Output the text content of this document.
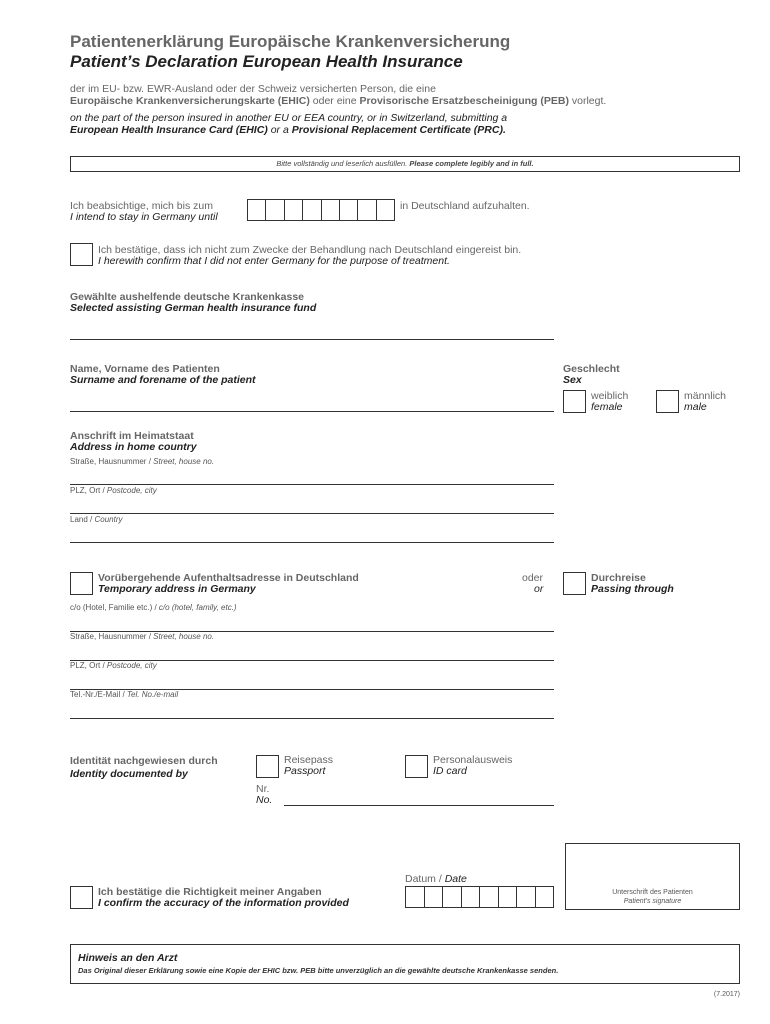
Patientenerklärung Europäische Krankenversicherung
Patient’s Declaration European Health Insurance
der im EU- bzw. EWR-Ausland oder der Schweiz versicherten Person, die eine
Europäische Krankenversicherungskarte (EHIC) oder eine Provisorische Ersatzbescheinigung (PEB) vorlegt.
on the part of the person insured in another EU or EEA country, or in Switzerland, submitting a
European Health Insurance Card (EHIC) or a Provisional Replacement Certificate (PRC).
Bitte vollständig und leserlich ausfüllen. Please complete legibly and in full.
Ich beabsichtige, mich bis zum
I intend to stay in Germany until
in Deutschland aufzuhalten.
Ich bestätige, dass ich nicht zum Zwecke der Behandlung nach Deutschland eingereist bin.
I herewith confirm that I did not enter Germany for the purpose of treatment.
Gewählte aushelfende deutsche Krankenkasse
Selected assisting German health insurance fund
Name, Vorname des Patienten
Surname and forename of the patient
Geschlecht
Sex
weiblich
female
männlich
male
Anschrift im Heimatstaat
Address in home country
Straße, Hausnummer / Street, house no.
PLZ, Ort / Postcode, city
Land / Country
Vorübergehende Aufenthaltsadresse in Deutschland
Temporary address in Germany
oder
or
Durchreise
Passing through
c/o (Hotel, Familie etc.) / c/o (hotel, family, etc.)
Straße, Hausnummer / Street, house no.
PLZ, Ort / Postcode, city
Tel.-Nr./E-Mail / Tel. No./e-mail
Identität nachgewiesen durch
Identity documented by
Reisepass
Passport
Personalausweis
ID card
Nr.
No.
Ich bestätige die Richtigkeit meiner Angaben
I confirm the accuracy of the information provided
Datum / Date
Unterschrift des Patienten
Patient’s signature
Hinweis an den Arzt
Das Original dieser Erklärung sowie eine Kopie der EHIC bzw. PEB bitte unverzüglich an die gewählte deutsche Krankenkasse senden.
(7.2017)
